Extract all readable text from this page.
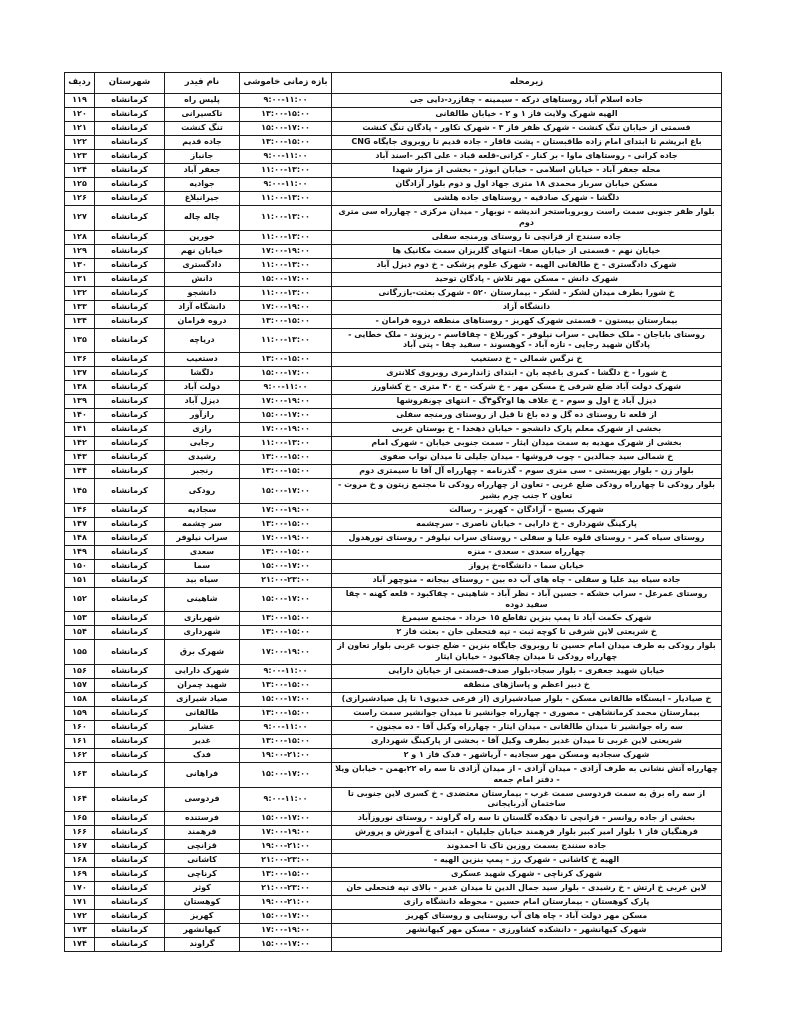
زیرمحله	بازه زمانی خاموشی	نام فیدر	شهرستان	ردیف
جاده اسلام آباد روستاهای درکه - سیمینه - چقازرد-دایی جی	۹:۰۰-۱۱:۰۰	پلیس راه	کرمانشاه	۱۱۹
الهیه شهرک ولایت فاز ۱ و ۲ - خیابان طالقانی	۱۳:۰۰-۱۵:۰۰	تاکسیرانی	کرمانشاه	۱۲۰
قسمتی از خیابان تنگ کنشت - شهرک ظفر فاز ۳ - شهرک تکاور - پادگان تنگ کنشت	۱۵:۰۰-۱۷:۰۰	تنگ کنشت	کرمانشاه	۱۲۱
باغ ابریشم تا ابتدای امام زاده طاقبستان - پشت قاقار - جاده قدیم تا روبروی جایگاه CNG	۱۳:۰۰-۱۵:۰۰	جاده قدیم	کرمانشاه	۱۲۲
جاده کرانی - روستاهای ماوا - بر کنار - کرانی-قلعه قباد - علی اکبر -اسند آباد	۹:۰۰-۱۱:۰۰	جانباز	کرمانشاه	۱۲۳
محله جعفر آباد - خیابان اسلامی - خیابان ابوذر - بخشی از مزار شهدا	۱۱:۰۰-۱۳:۰۰	جعفر آباد	کرمانشاه	۱۲۴
مسکن خیابان سرباز محمدی ۱۸ متری جهاد اول و دوم بلوار آزادگان	۹:۰۰-۱۱:۰۰	جوادیه	کرمانشاه	۱۲۵
دلگشا - شهرک صادقیه - روستاهای جاده هلشی	۱۱:۰۰-۱۳:۰۰	جیرانبلاغ	کرمانشاه	۱۲۶
بلوار ظفر جنوبی سمت راست روبروباستخر اندیشه - نوبهار - میدان مرکزی - چهارراه سی متری دوم	۱۱:۰۰-۱۳:۰۰	چاله چاله	کرمانشاه	۱۲۷
جاده سنندج از قزانچی تا روستای ورمنجه سفلی	۱۱:۰۰-۱۳:۰۰	خورین	کرمانشاه	۱۲۸
خیابان نهم - قسمتی از خیابان صفا- انتهای گلریزان سمت مکانیک ها	۱۷:۰۰-۱۹:۰۰	خیابان نهم	کرمانشاه	۱۲۹
شهرک دادگستری - خ طالقانی الهیه - شهرک علوم پزشکی - خ دوم دیزل آباد	۱۱:۰۰-۱۳:۰۰	دادگستری	کرمانشاه	۱۳۰
شهرک دانش - مسکن مهر تلاش - پادگان توحید	۱۵:۰۰-۱۷:۰۰	دانش	کرمانشاه	۱۳۱
خ شورا بطرف میدان لشکر - لشکر - بیمارستان ۵۲۰ - شهرک بعثت-بازرگانی	۱۱:۰۰-۱۳:۰۰	دانشجو	کرمانشاه	۱۳۲
دانشگاه آزاد	۱۷:۰۰-۱۹:۰۰	دانشگاه آزاد	کرمانشاه	۱۳۳
بیمارستان بیستون - قسمتی شهرک کهریز - روستاهای منطقه دروه فرامان -	۱۳:۰۰-۱۵:۰۰	دروه فرامان	کرمانشاه	۱۳۴
روستای باباجان - ملک خطایی - سراب نیلوفر - کوربلاغ - چقاقاسم - ریزوند - ملک خطایی - پادگان شهید رجایی - تازه آباد - کوهسوند - سفید چقا - پتی آباد	۱۱:۰۰-۱۳:۰۰	دریاچه	کرمانشاه	۱۳۵
خ نرگس شمالی - خ دستغیب	۱۳:۰۰-۱۵:۰۰	دستغیب	کرمانشاه	۱۳۶
خ شورا - خ دلگشا - کمری باغچه بان - ابتدای ژاندارمری روبروی کلانتری	۱۵:۰۰-۱۷:۰۰	دلگشا	کرمانشاه	۱۳۷
شهرک دولت آباد ضلع شرقی خ مسکن مهر - خ شرکت - خ ۴۰ متری - خ کشاورز	۹:۰۰-۱۱:۰۰	دولت آباد	کرمانشاه	۱۳۸
دیزل آباد خ اول و سوم - خ علاف ها او۲گو۴گ - انتهای چوبفروشها	۱۷:۰۰-۱۹:۰۰	دیزل آباد	کرمانشاه	۱۳۹
از قلعه تا روستای ده گل و ده باغ تا قبل از روستای ورمنجه سفلی	۱۵:۰۰-۱۷:۰۰	رازآور	کرمانشاه	۱۴۰
بخشی از شهرک معلم پارک دانشجو - خیابان دهخدا - خ بوستان غربی	۱۷:۰۰-۱۹:۰۰	رازی	کرمانشاه	۱۴۱
بخشی از شهرک مهدیه به سمت میدان ایثار - سمت جنوبی خیابان - شهرک امام	۱۱:۰۰-۱۳:۰۰	رجایی	کرمانشاه	۱۴۲
خ شمالی سید جمالدین - چوب فروشها - میدان جلیلی تا میدان نواب صفوی	۱۳:۰۰-۱۵:۰۰	رشیدی	کرمانشاه	۱۴۳
بلوار زن - بلوار بهزیستی - سی متری سوم - گذرنامه - چهارراه آل آقا تا سیمتری دوم	۱۳:۰۰-۱۵:۰۰	رنجبر	کرمانشاه	۱۴۴
بلوار رودکی تا چهارراه رودکی ضلع غربی - تعاون از چهارراه رودکی تا مجتمع زیتون و خ مروت - تعاون ۲ جنب چرم بشیر	۱۵:۰۰-۱۷:۰۰	رودکی	کرمانشاه	۱۴۵
شهرک بسیج - آزادگان - کهریز - رسالت	۱۷:۰۰-۱۹:۰۰	سجادیه	کرمانشاه	۱۴۶
پارکینگ شهرداری - خ دارایی - خیابان ناصری - سرچشمه	۱۳:۰۰-۱۵:۰۰	سر چشمه	کرمانشاه	۱۴۷
روستای سیاه کمر - روستای قلوه علیا و سفلی - روستای سراب نیلوفر - روستای تورهدول	۱۷:۰۰-۱۹:۰۰	سراب نیلوفر	کرمانشاه	۱۴۸
چهارراه سعدی - سعدی - منزه	۱۳:۰۰-۱۵:۰۰	سعدی	کرمانشاه	۱۴۹
خیابان سما - دانشگاه-خ پرواز	۱۵:۰۰-۱۷:۰۰	سما	کرمانشاه	۱۵۰
جاده سیاه بید علیا و سفلی - چاه های آب ده بین - روستای بیجانه - منوچهر آباد	۲۱:۰۰-۲۳:۰۰	سیاه بید	کرمانشاه	۱۵۱
روستای عمرعل - سراب خشکه - حسین آباد - نظر آباد - شاهینی - چقاکبود - قلعه کهنه - چقا سفید دوده	۱۵:۰۰-۱۷:۰۰	شاهینی	کرمانشاه	۱۵۲
شهرک حکمت آباد تا پمپ بنزین تقاطع ۱۵ خرداد - مجتمع سیمرغ	۱۳:۰۰-۱۵:۰۰	شهربازی	کرمانشاه	۱۵۳
خ شریعتی لاین شرقی تا کوچه ثبت - تپه فتحعلی خان - بعثت فاز ۲	۱۳:۰۰-۱۵:۰۰	شهرداری	کرمانشاه	۱۵۴
بلوار رودکی به طرف میدان امام حسین تا روبروی جایگاه بنزین - ضلع جنوب غربی بلوار تعاون از چهارراه رودکی تا میدان چقاکبود - خیابان ایثار	۱۷:۰۰-۱۹:۰۰	شهرک برق	کرمانشاه	۱۵۵
خیابان شهید جعفری - بلوار سجاد-بلوار صدف-قسمتی از خیابان دارایی	۹:۰۰-۱۱:۰۰	شهرک دارایی	کرمانشاه	۱۵۶
خ دبیر اعظم و پاساژهای منطقه	۱۳:۰۰-۱۵:۰۰	شهید چمران	کرمانشاه	۱۵۷
خ صیادیار - ایستگاه طالقانی مسکن - بلوار صیادشیرازی (از فرعی خدیوی۱ تا پل صیادشیرازی)	۱۵:۰۰-۱۷:۰۰	صیاد شیرازی	کرمانشاه	۱۵۸
بیمارستان محمد کرمانشاهی - مصوری - چهارراه جوانشیر تا میدان جوانشیر سمت راست	۱۳:۰۰-۱۵:۰۰	طالقانی	کرمانشاه	۱۵۹
سه راه جوانشیر تا میدان طالقانی - میدان ایثار - چهارراه وکیل آقا - ده مجنون -	۹:۰۰-۱۱:۰۰	عشایر	کرمانشاه	۱۶۰
شریعتی لاین غربی تا میدان غدیر بطرف وکیل آقا - بخشی از پارکینگ شهرداری	۱۳:۰۰-۱۵:۰۰	غدیر	کرمانشاه	۱۶۱
شهرک سجادیه ومسکن مهر سجادیه - آریاشهر - فدک فاز ۱ و ۲	۱۹:۰۰-۲۱:۰۰	فدک	کرمانشاه	۱۶۲
چهارراه آتش نشانی به طرف آزادی - میدان آزادی - از میدان آزادی تا سه راه ۲۲بهمن - خیابان ویلا - دفتر امام جمعه	۱۵:۰۰-۱۷:۰۰	فراهانی	کرمانشاه	۱۶۳
از سه راه برق به سمت فردوسی سمت غرب - بیمارستان معتضدی - خ کسری لاین جنوبی تا ساختمان آذربایجانی	۹:۰۰-۱۱:۰۰	فردوسی	کرمانشاه	۱۶۴
بخشی از جاده روانسر - قزانچی تا دهکده گلستان تا سه راه گراوند - روستای نوروزآباد	۱۵:۰۰-۱۷:۰۰	فرستنده	کرمانشاه	۱۶۵
فرهنگیان فاز ۱ بلوار امیر کبیر بلوار فرهمند خیابان جلیلیان - ابتدای خ آموزش و پرورش	۱۷:۰۰-۱۹:۰۰	فرهمند	کرمانشاه	۱۶۶
جاده سنندج بسمت روزین تاک تا احمدوند	۱۹:۰۰-۲۱:۰۰	قزانچی	کرمانشاه	۱۶۷
الهیه خ کاشانی - شهرک رز - پمپ بنزین الهیه -	۲۱:۰۰-۲۳:۰۰	کاشانی	کرمانشاه	۱۶۸
شهرک کرناچی - شهرک شهید عسکری	۱۳:۰۰-۱۵:۰۰	کرناچی	کرمانشاه	۱۶۹
لاین غربی خ ارتش - خ رشیدی - بلوار سید جمال الدین تا میدان غدیر - بالای تپه فتحعلی خان	۲۱:۰۰-۲۳:۰۰	کوثر	کرمانشاه	۱۷۰
پارک کوهستان - بیمارستان امام حسین - محوطه دانشگاه رازی	۱۹:۰۰-۲۱:۰۰	کوهستان	کرمانشاه	۱۷۱
مسکن مهر دولت آباد - چاه های آب روستایی و روستای کهریز	۱۵:۰۰-۱۷:۰۰	کهریز	کرمانشاه	۱۷۲
شهرک کیهانشهر - دانشکده کشاورزی - مسکن مهر کیهانشهر	۱۷:۰۰-۱۹:۰۰	کیهانشهر	کرمانشاه	۱۷۳
	۱۵:۰۰-۱۷:۰۰	گراوند	کرمانشاه	۱۷۴
